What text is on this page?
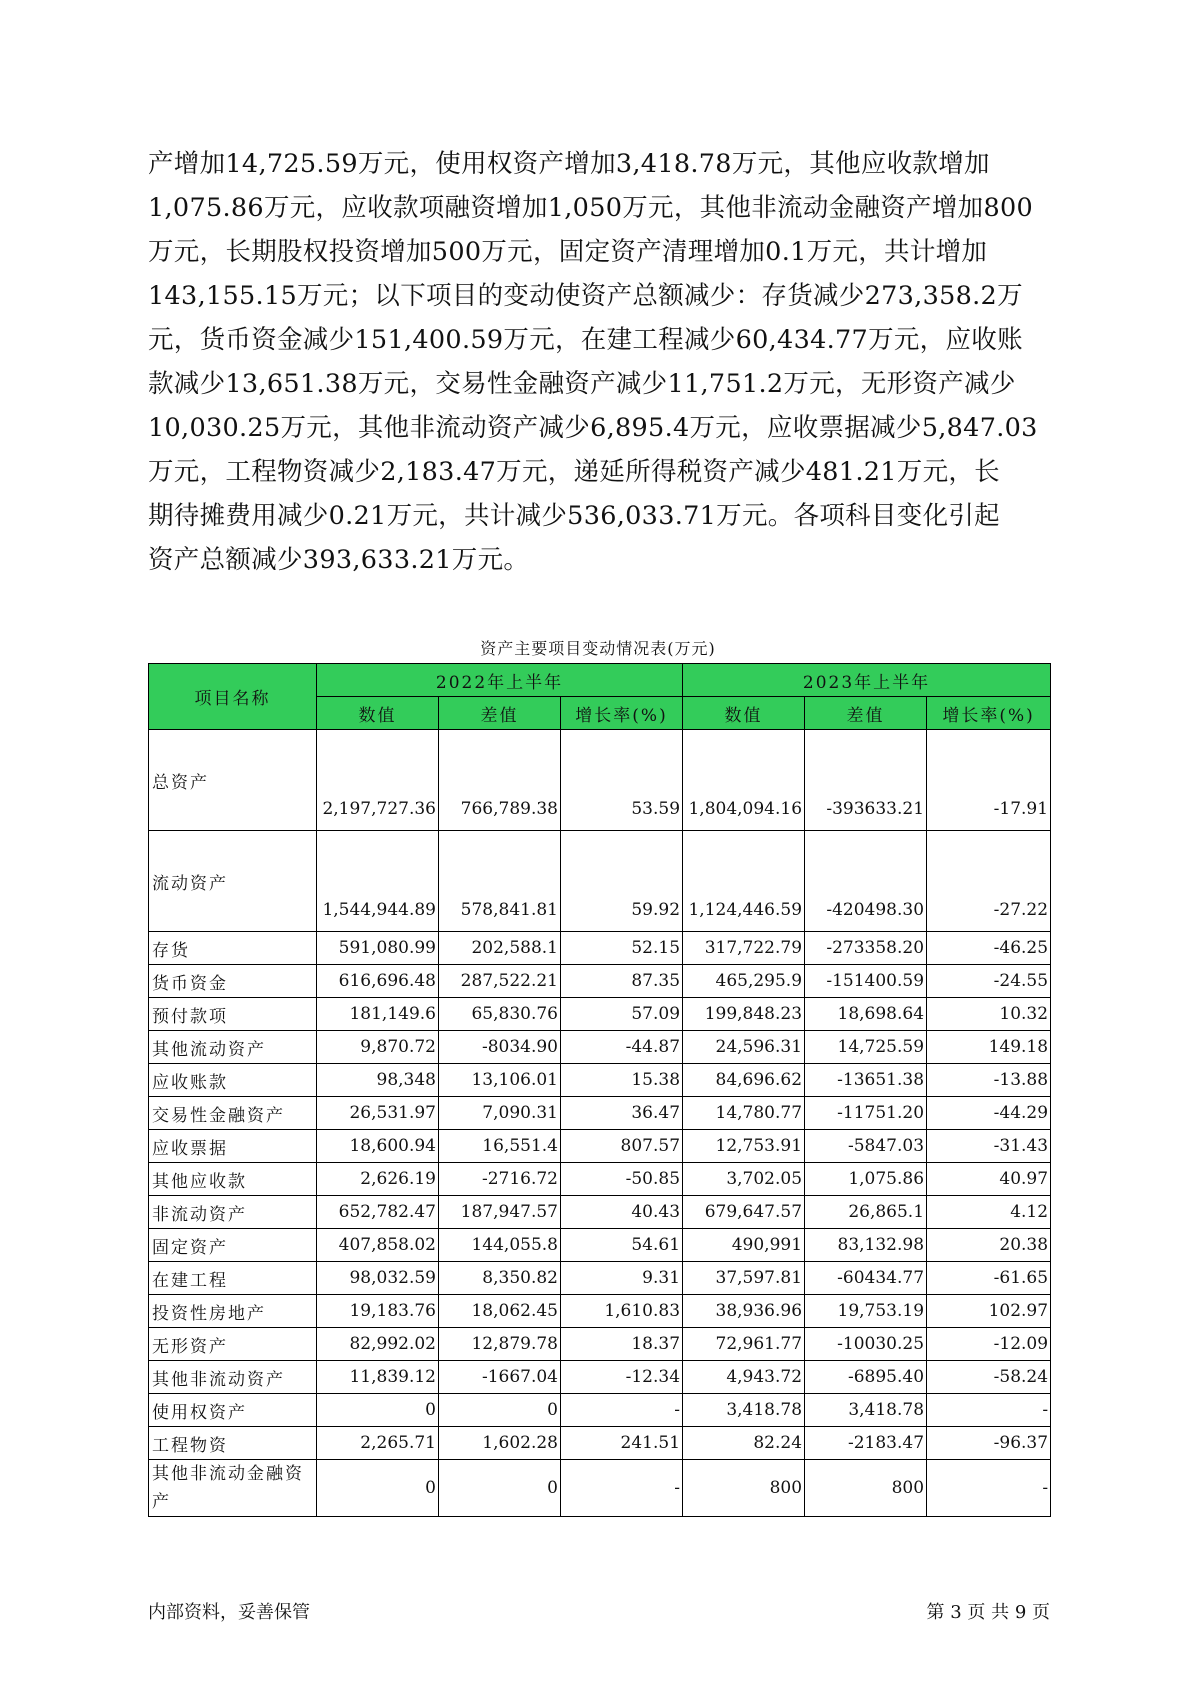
产增加14,725.59万元，使用权资产增加3,418.78万元，其他应收款增加
1,075.86万元，应收款项融资增加1,050万元，其他非流动金融资产增加800
万元，长期股权投资增加500万元，固定资产清理增加0.1万元，共计增加
143,155.15万元；以下项目的变动使资产总额减少：存货减少273,358.2万
元，货币资金减少151,400.59万元，在建工程减少60,434.77万元，应收账
款减少13,651.38万元，交易性金融资产减少11,751.2万元，无形资产减少
10,030.25万元，其他非流动资产减少6,895.4万元，应收票据减少5,847.03
万元，工程物资减少2,183.47万元，递延所得税资产减少481.21万元，长
期待摊费用减少0.21万元，共计减少536,033.71万元。各项科目变化引起
资产总额减少393,633.21万元。
资产主要项目变动情况表(万元)
项目名称	2022年上半年			2023年上半年		
	数值	差值	增长率(%)	数值	差值	增长率(%)
总资产	2,197,727.36	766,789.38	53.59	1,804,094.16	-393633.21	-17.91
流动资产	1,544,944.89	578,841.81	59.92	1,124,446.59	-420498.30	-27.22
存货	591,080.99	202,588.1	52.15	317,722.79	-273358.20	-46.25
货币资金	616,696.48	287,522.21	87.35	465,295.9	-151400.59	-24.55
预付款项	181,149.6	65,830.76	57.09	199,848.23	18,698.64	10.32
其他流动资产	9,870.72	-8034.90	-44.87	24,596.31	14,725.59	149.18
应收账款	98,348	13,106.01	15.38	84,696.62	-13651.38	-13.88
交易性金融资产	26,531.97	7,090.31	36.47	14,780.77	-11751.20	-44.29
应收票据	18,600.94	16,551.4	807.57	12,753.91	-5847.03	-31.43
其他应收款	2,626.19	-2716.72	-50.85	3,702.05	1,075.86	40.97
非流动资产	652,782.47	187,947.57	40.43	679,647.57	26,865.1	4.12
固定资产	407,858.02	144,055.8	54.61	490,991	83,132.98	20.38
在建工程	98,032.59	8,350.82	9.31	37,597.81	-60434.77	-61.65
投资性房地产	19,183.76	18,062.45	1,610.83	38,936.96	19,753.19	102.97
无形资产	82,992.02	12,879.78	18.37	72,961.77	-10030.25	-12.09
其他非流动资产	11,839.12	-1667.04	-12.34	4,943.72	-6895.40	-58.24
使用权资产	0	0	-	3,418.78	3,418.78	-
工程物资	2,265.71	1,602.28	241.51	82.24	-2183.47	-96.37
其他非流动金融资产	0	0	-	800	800	-
内部资料，妥善保管	第 3 页 共 9 页
